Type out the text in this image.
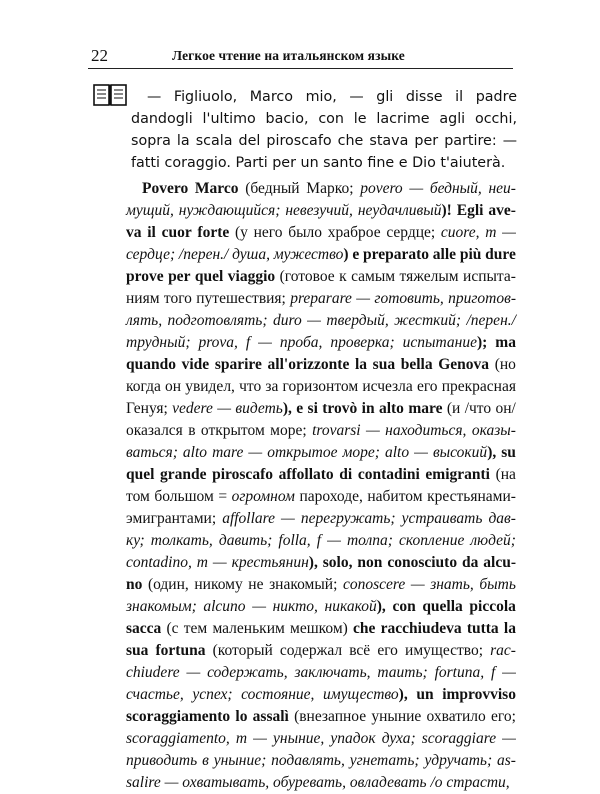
22	Легкое чтение на итальянском языке

— Figliuolo, Marco mio, — gli disse il padre dandogli l'ultimo bacio, con le lacrime agli occhi, sopra la scala del piroscafo che stava per partire: — fatti coraggio. Parti per un santo fine e Dio t'aiuterà.

Povero Marco (бедный Марко; povero — бедный, неи-
мущий, нуждающийся; невезучий, неудачливый)! Egli ave-
va il cuor forte (у него было храброе сердце; cuore, m —
сердце; /перен./ душа, мужество) e preparato alle più dure
prove per quel viaggio (готовое к самым тяжелым испыта-
ниям того путешествия; preparare — готовить, приготов-
лять, подготовлять; duro — твердый, жесткий; /перен./
трудный; prova, f — проба, проверка; испытание); ma
quando vide sparire all'orizzonte la sua bella Genova (но
когда он увидел, что за горизонтом исчезла его прекрасная
Генуя; vedere — видеть), e si trovò in alto mare (и /что он/
оказался в открытом море; trovarsi — находиться, оказы-
ваться; alto mare — открытое море; alto — высокий), su
quel grande piroscafo affollato di contadini emigranti (на
том большом = огромном пароходе, набитом крестьянами-
эмигрантами; affollare — перегружать; устраивать дав-
ку; толкать, давить; folla, f — толпа; скопление людей;
contadino, m — крестьянин), solo, non conosciuto da alcu-
no (один, никому не знакомый; conoscere — знать, быть
знакомым; alcuno — никто, никакой), con quella piccola
sacca (с тем маленьким мешком) che racchiudeva tutta la
sua fortuna (который содержал всё его имущество; rac-
chiudere — содержать, заключать, таить; fortuna, f —
счастье, успех; состояние, имущество), un improvviso
scoraggiamento lo assalì (внезапное уныние охватило его;
scoraggiamento, m — уныние, упадок духа; scoraggiare —
приводить в уныние; подавлять, угнетать; удручать; as-
salire — охватывать, обуревать, овладевать /о страсти,
